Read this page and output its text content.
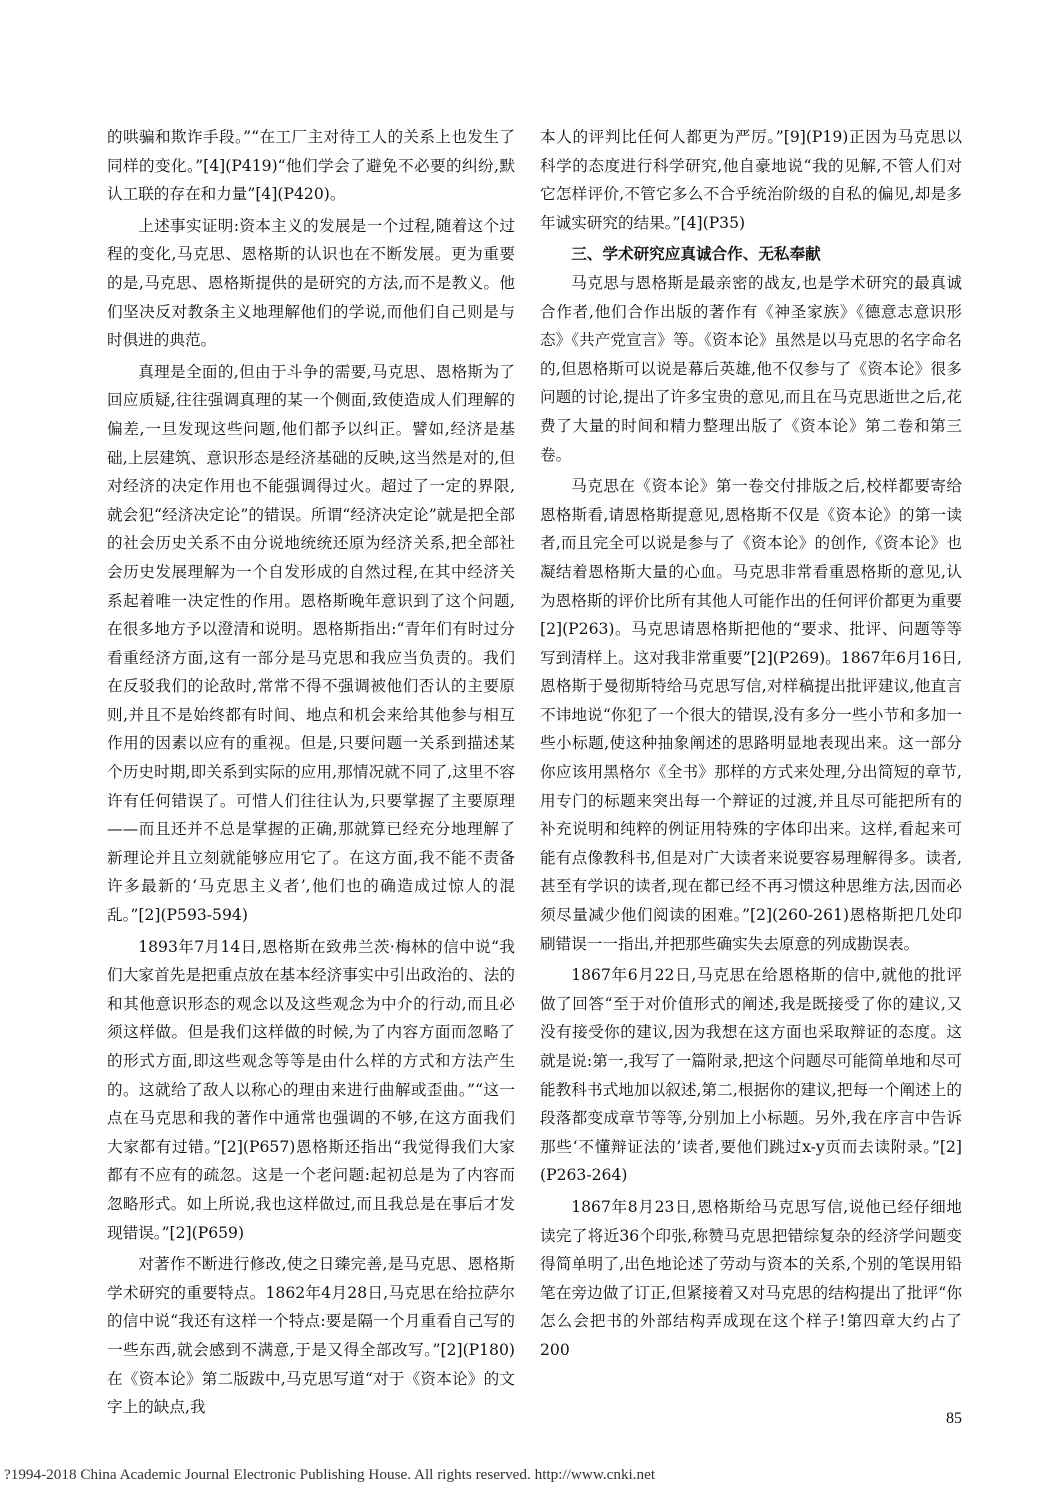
的哄骗和欺诈手段。”“在工厂主对待工人的关系上也发生了同样的变化。”[4](P419)“他们学会了避免不必要的纠纷,默认工联的存在和力量”[4](P420)。

上述事实证明:资本主义的发展是一个过程,随着这个过程的变化,马克思、恩格斯的认识也在不断发展。更为重要的是,马克思、恩格斯提供的是研究的方法,而不是教义。他们坚决反对教条主义地理解他们的学说,而他们自己则是与时俱进的典范。

真理是全面的,但由于斗争的需要,马克思、恩格斯为了回应质疑,往往强调真理的某一个侧面,致使造成人们理解的偏差,一旦发现这些问题,他们都予以纠正。譬如,经济是基础,上层建筑、意识形态是经济基础的反映,这当然是对的,但对经济的决定作用也不能强调得过火。超过了一定的界限,就会犯“经济决定论”的错误。所谓“经济决定论”就是把全部的社会历史关系不由分说地统统还原为经济关系,把全部社会历史发展理解为一个自发形成的自然过程,在其中经济关系起着唯一决定性的作用。恩格斯晚年意识到了这个问题,在很多地方予以澄清和说明。恩格斯指出:“青年们有时过分看重经济方面,这有一部分是马克思和我应当负责的。我们在反驳我们的论敌时,常常不得不强调被他们否认的主要原则,并且不是始终都有时间、地点和机会来给其他参与相互作用的因素以应有的重视。但是,只要问题一关系到描述某个历史时期,即关系到实际的应用,那情况就不同了,这里不容许有任何错误了。可惜人们往往认为,只要掌握了主要原理——而且还并不总是掌握的正确,那就算已经充分地理解了新理论并且立刻就能够应用它了。在这方面,我不能不责备许多最新的‘马克思主义者’,他们也的确造成过惊人的混乱。”[2](P593-594)

1893年7月14日,恩格斯在致弗兰茨·梅林的信中说“我们大家首先是把重点放在基本经济事实中引出政治的、法的和其他意识形态的观念以及这些观念为中介的行动,而且必须这样做。但是我们这样做的时候,为了内容方面而忽略了的形式方面,即这些观念等等是由什么样的方式和方法产生的。这就给了敌人以称心的理由来进行曲解或歪曲。”“这一点在马克思和我的著作中通常也强调的不够,在这方面我们大家都有过错。”[2](P657)恩格斯还指出“我觉得我们大家都有不应有的疏忽。这是一个老问题:起初总是为了内容而忽略形式。如上所说,我也这样做过,而且我总是在事后才发现错误。”[2](P659)

对著作不断进行修改,使之日臻完善,是马克思、恩格斯学术研究的重要特点。1862年4月28日,马克思在给拉萨尔的信中说“我还有这样一个特点:要是隔一个月重看自己写的一些东西,就会感到不满意,于是又得全部改写。”[2](P180)在《资本论》第二版跋中,马克思写道“对于《资本论》的文字上的缺点,我

本人的评判比任何人都更为严厉。”[9](P19)正因为马克思以科学的态度进行科学研究,他自豪地说“我的见解,不管人们对它怎样评价,不管它多么不合乎统治阶级的自私的偏见,却是多年诚实研究的结果。”[4](P35)

三、学术研究应真诚合作、无私奉献

马克思与恩格斯是最亲密的战友,也是学术研究的最真诚合作者,他们合作出版的著作有《神圣家族》《德意志意识形态》《共产党宣言》等。《资本论》虽然是以马克思的名字命名的,但恩格斯可以说是幕后英雄,他不仅参与了《资本论》很多问题的讨论,提出了许多宝贵的意见,而且在马克思逝世之后,花费了大量的时间和精力整理出版了《资本论》第二卷和第三卷。

马克思在《资本论》第一卷交付排版之后,校样都要寄给恩格斯看,请恩格斯提意见,恩格斯不仅是《资本论》的第一读者,而且完全可以说是参与了《资本论》的创作,《资本论》也凝结着恩格斯大量的心血。马克思非常看重恩格斯的意见,认为恩格斯的评价比所有其他人可能作出的任何评价都更为重要[2](P263)。马克思请恩格斯把他的“要求、批评、问题等等写到清样上。这对我非常重要”[2](P269)。1867年6月16日,恩格斯于曼彻斯特给马克思写信,对样稿提出批评建议,他直言不讳地说“你犯了一个很大的错误,没有多分一些小节和多加一些小标题,使这种抽象阐述的思路明显地表现出来。这一部分你应该用黑格尔《全书》那样的方式来处理,分出简短的章节,用专门的标题来突出每一个辩证的过渡,并且尽可能把所有的补充说明和纯粹的例证用特殊的字体印出来。这样,看起来可能有点像教科书,但是对广大读者来说要容易理解得多。读者,甚至有学识的读者,现在都已经不再习惯这种思维方法,因而必须尽量减少他们阅读的困难。”[2](260-261)恩格斯把几处印刷错误一一指出,并把那些确实失去原意的列成勘误表。

1867年6月22日,马克思在给恩格斯的信中,就他的批评做了回答“至于对价值形式的阐述,我是既接受了你的建议,又没有接受你的建议,因为我想在这方面也采取辩证的态度。这就是说:第一,我写了一篇附录,把这个问题尽可能简单地和尽可能教科书式地加以叙述,第二,根据你的建议,把每一个阐述上的段落都变成章节等等,分别加上小标题。另外,我在序言中告诉那些‘不懂辩证法的’读者,要他们跳过x-y页而去读附录。”[2](P263-264)

1867年8月23日,恩格斯给马克思写信,说他已经仔细地读完了将近36个印张,称赞马克思把错综复杂的经济学问题变得简单明了,出色地论述了劳动与资本的关系,个别的笔误用铅笔在旁边做了订正,但紧接着又对马克思的结构提出了批评“你怎么会把书的外部结构弄成现在这个样子!第四章大约占了200

85
?1994-2018 China Academic Journal Electronic Publishing House. All rights reserved. http://www.cnki.net
